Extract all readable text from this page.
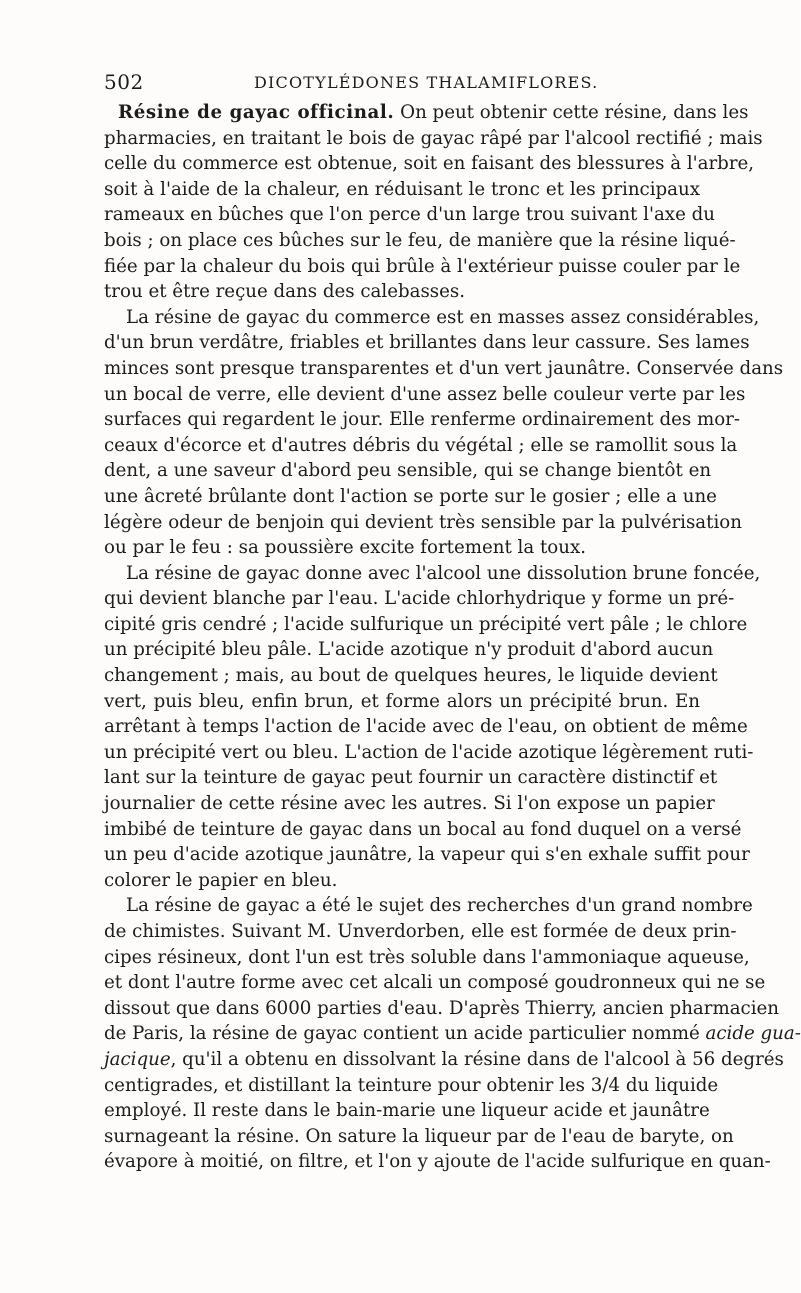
502	DICOTYLÉDONES THALAMIFLORES.
Résine de gayac officinal. On peut obtenir cette résine, dans les
pharmacies, en traitant le bois de gayac râpé par l'alcool rectifié ; mais
celle du commerce est obtenue, soit en faisant des blessures à l'arbre,
soit à l'aide de la chaleur, en réduisant le tronc et les principaux
rameaux en bûches que l'on perce d'un large trou suivant l'axe du
bois ; on place ces bûches sur le feu, de manière que la résine liqué-
fiée par la chaleur du bois qui brûle à l'extérieur puisse couler par le
trou et être reçue dans des calebasses.
La résine de gayac du commerce est en masses assez considérables,
d'un brun verdâtre, friables et brillantes dans leur cassure. Ses lames
minces sont presque transparentes et d'un vert jaunâtre. Conservée dans
un bocal de verre, elle devient d'une assez belle couleur verte par les
surfaces qui regardent le jour. Elle renferme ordinairement des mor-
ceaux d'écorce et d'autres débris du végétal ; elle se ramollit sous la
dent, a une saveur d'abord peu sensible, qui se change bientôt en
une âcreté brûlante dont l'action se porte sur le gosier ; elle a une
légère odeur de benjoin qui devient très sensible par la pulvérisation
ou par le feu : sa poussière excite fortement la toux.
La résine de gayac donne avec l'alcool une dissolution brune foncée,
qui devient blanche par l'eau. L'acide chlorhydrique y forme un pré-
cipité gris cendré ; l'acide sulfurique un précipité vert pâle ; le chlore
un précipité bleu pâle. L'acide azotique n'y produit d'abord aucun
changement ; mais, au bout de quelques heures, le liquide devient
vert, puis bleu, enfin brun, et forme alors un précipité brun. En
arrêtant à temps l'action de l'acide avec de l'eau, on obtient de même
un précipité vert ou bleu. L'action de l'acide azotique légèrement ruti-
lant sur la teinture de gayac peut fournir un caractère distinctif et
journalier de cette résine avec les autres. Si l'on expose un papier
imbibé de teinture de gayac dans un bocal au fond duquel on a versé
un peu d'acide azotique jaunâtre, la vapeur qui s'en exhale suffit pour
colorer le papier en bleu.
La résine de gayac a été le sujet des recherches d'un grand nombre
de chimistes. Suivant M. Unverdorben, elle est formée de deux prin-
cipes résineux, dont l'un est très soluble dans l'ammoniaque aqueuse,
et dont l'autre forme avec cet alcali un composé goudronneux qui ne se
dissout que dans 6000 parties d'eau. D'après Thierry, ancien pharmacien
de Paris, la résine de gayac contient un acide particulier nommé acide gua-
jacique, qu'il a obtenu en dissolvant la résine dans de l'alcool à 56 degrés
centigrades, et distillant la teinture pour obtenir les 3/4 du liquide
employé. Il reste dans le bain-marie une liqueur acide et jaunâtre
surnageant la résine. On sature la liqueur par de l'eau de baryte, on
évapore à moitié, on filtre, et l'on y ajoute de l'acide sulfurique en quan-
